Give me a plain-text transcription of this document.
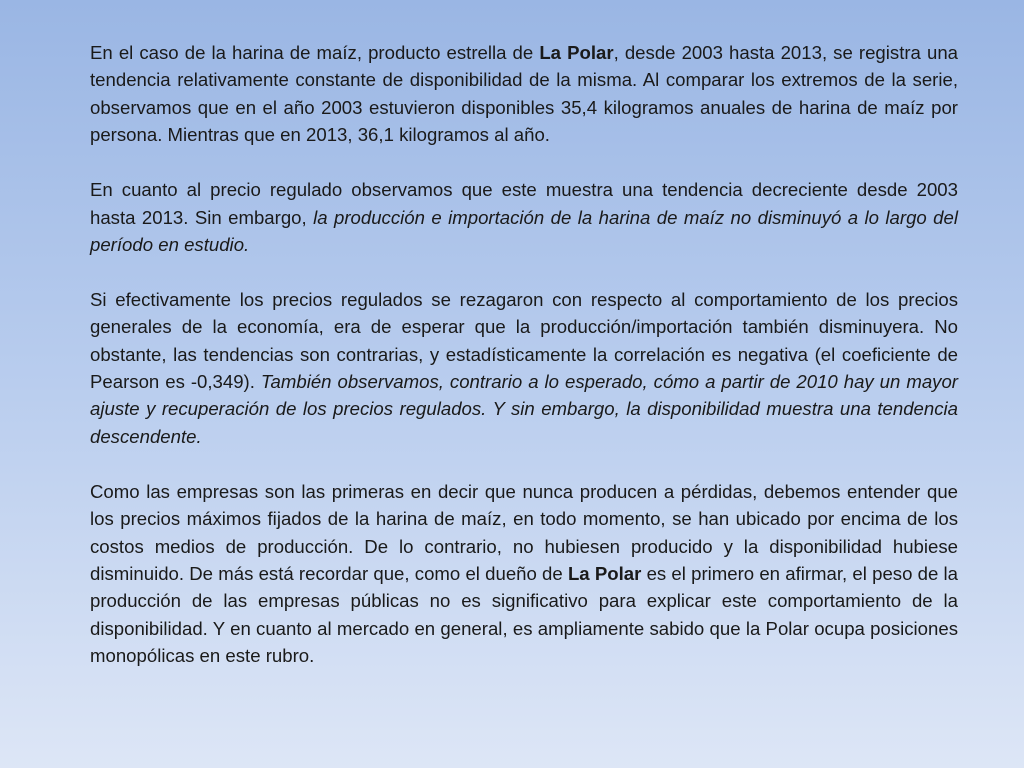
En el caso de la harina de maíz, producto estrella de La Polar, desde 2003 hasta 2013, se registra una tendencia relativamente constante de disponibilidad de la misma. Al comparar los extremos de la serie, observamos que en el año 2003 estuvieron disponibles 35,4 kilogramos anuales de harina de maíz por persona. Mientras que en 2013, 36,1 kilogramos al año.

En cuanto al precio regulado observamos que este muestra una tendencia decreciente desde 2003 hasta 2013. Sin embargo, la producción e importación de la harina de maíz no disminuyó a lo largo del período en estudio.

Si efectivamente los precios regulados se rezagaron con respecto al comportamiento de los precios generales de la economía, era de esperar que la producción/importación también disminuyera. No obstante, las tendencias son contrarias, y estadísticamente la correlación es negativa (el coeficiente de Pearson es -0,349). También observamos, contrario a lo esperado, cómo a partir de 2010 hay un mayor ajuste y recuperación de los precios regulados. Y sin embargo, la disponibilidad muestra una tendencia descendente.

Como las empresas son las primeras en decir que nunca producen a pérdidas, debemos entender que los precios máximos fijados de la harina de maíz, en todo momento, se han ubicado por encima de los costos medios de producción. De lo contrario, no hubiesen producido y la disponibilidad hubiese disminuido. De más está recordar que, como el dueño de La Polar es el primero en afirmar, el peso de la producción de las empresas públicas no es significativo para explicar este comportamiento de la disponibilidad. Y en cuanto al mercado en general, es ampliamente sabido que la Polar ocupa posiciones monopólicas en este rubro.
